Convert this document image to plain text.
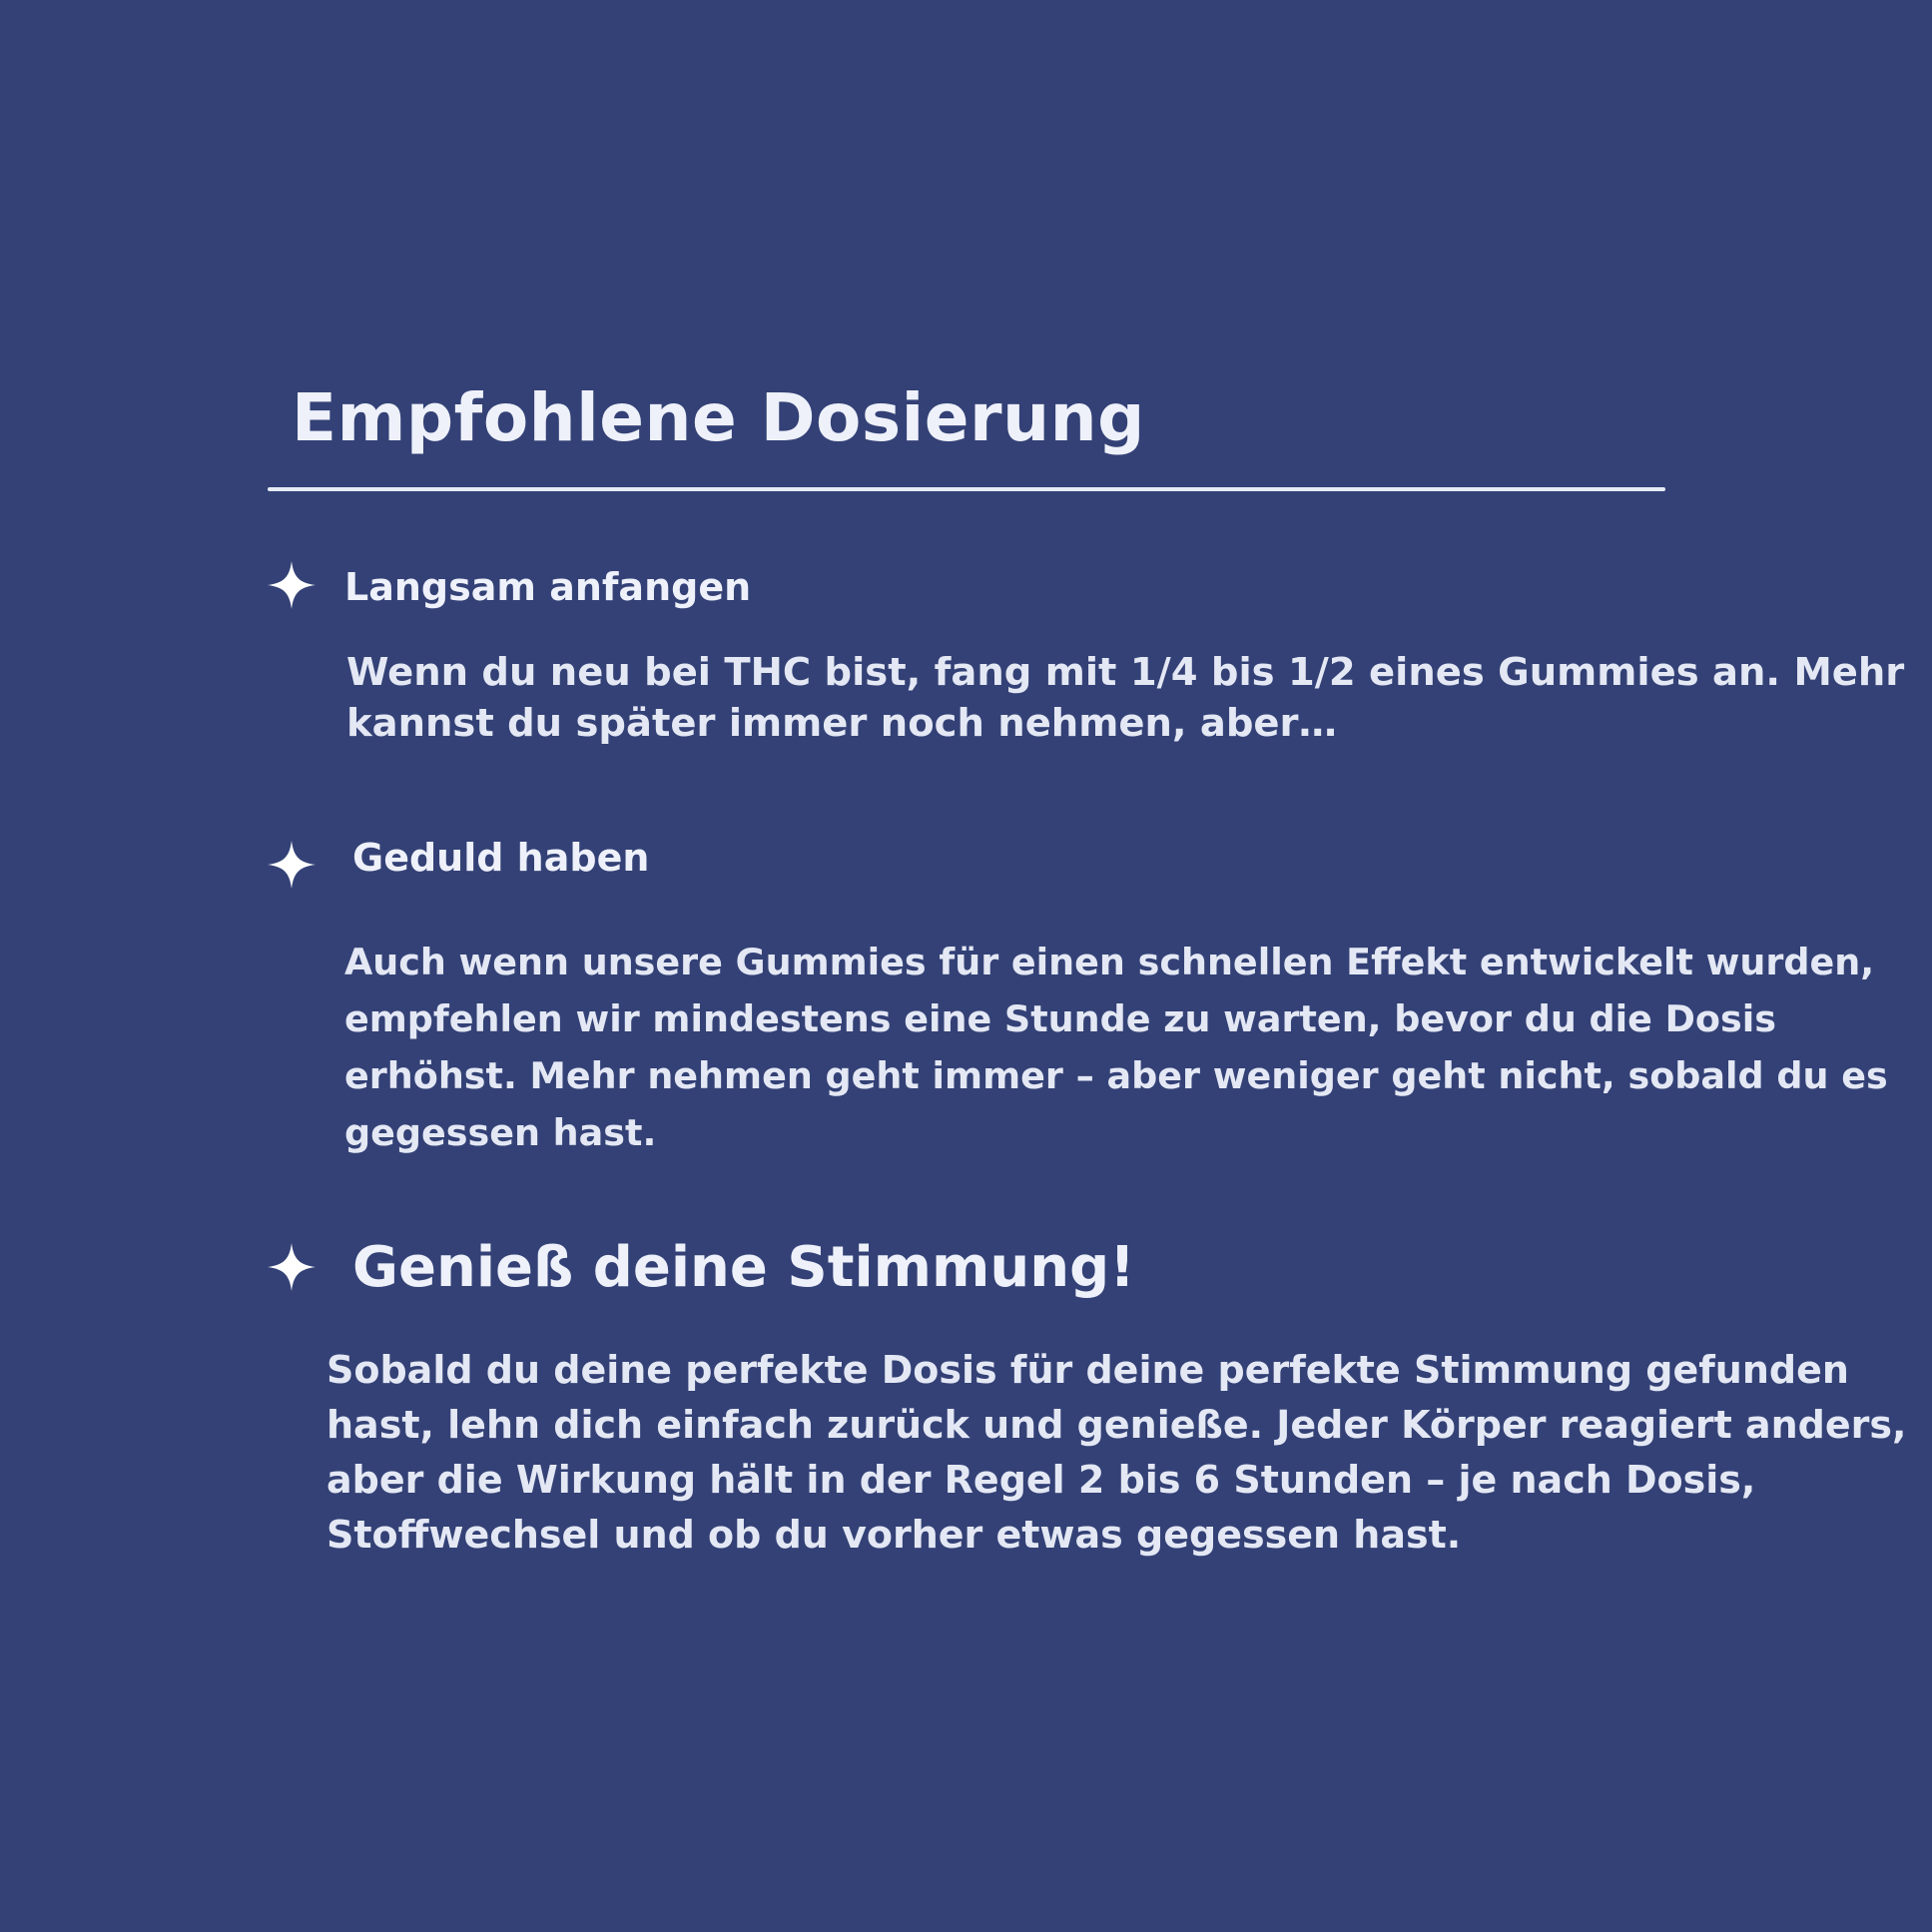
Empfohlene Dosierung
Langsam anfangen

Wenn du neu bei THC bist, fang mit 1/4 bis 1/2 eines Gummies an. Mehr kannst du später immer noch nehmen, aber…

Geduld haben

Auch wenn unsere Gummies für einen schnellen Effekt entwickelt wurden, empfehlen wir mindestens eine Stunde zu warten, bevor du die Dosis erhöhst. Mehr nehmen geht immer – aber weniger geht nicht, sobald du es gegessen hast.

Genieß deine Stimmung!

Sobald du deine perfekte Dosis für deine perfekte Stimmung gefunden hast, lehn dich einfach zurück und genieße. Jeder Körper reagiert anders, aber die Wirkung hält in der Regel 2 bis 6 Stunden – je nach Dosis, Stoffwechsel und ob du vorher etwas gegessen hast.
